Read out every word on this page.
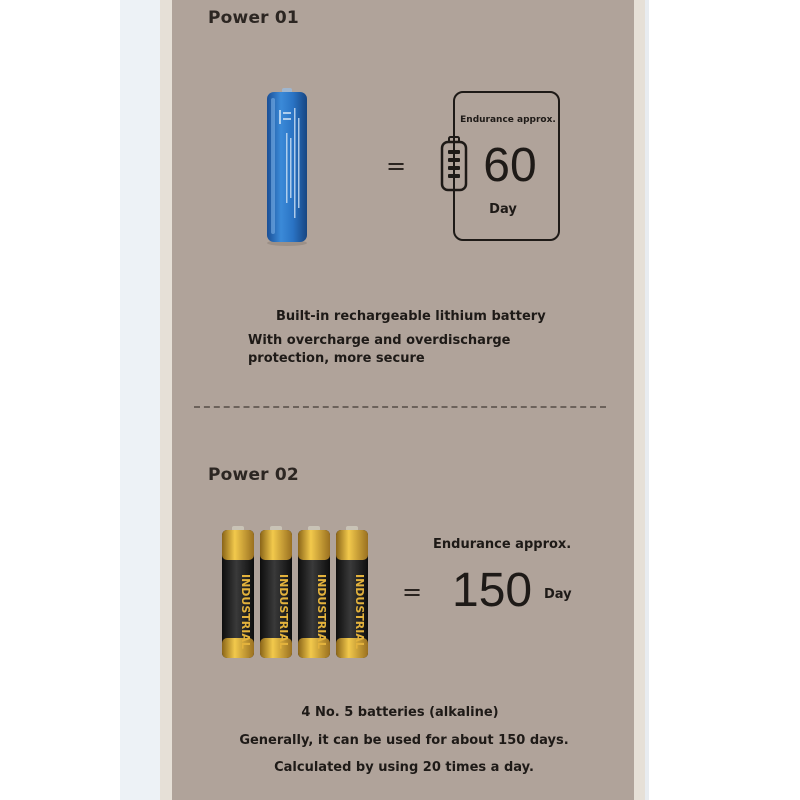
Power 01
=
Endurance approx.
60
Day
Built-in rechargeable lithium battery
With overcharge and overdischarge
protection, more secure
Power 02
INDUSTRIAL INDUSTRIAL INDUSTRIAL INDUSTRIAL =
Endurance approx.
150 Day
4 No. 5 batteries (alkaline)
Generally, it can be used for about 150 days.
Calculated by using 20 times a day.
